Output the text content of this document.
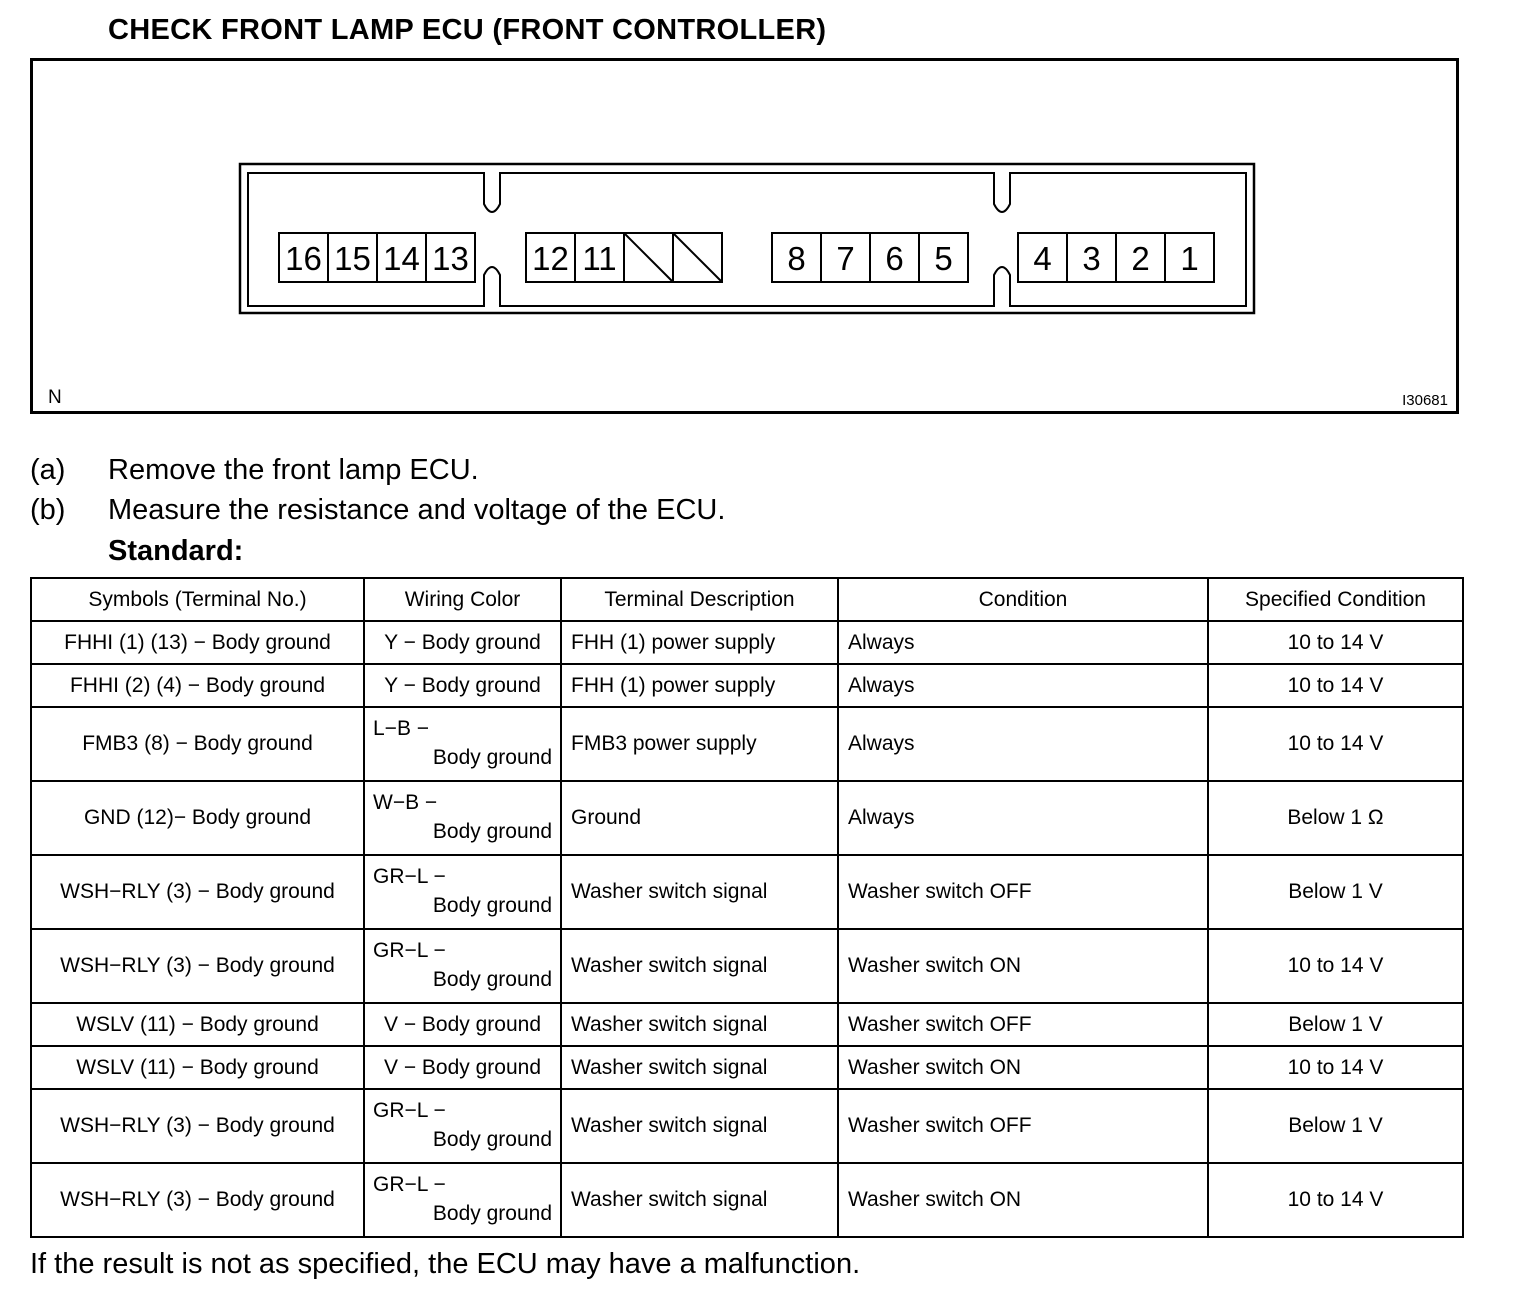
CHECK FRONT LAMP ECU (FRONT CONTROLLER)
16 15 14 13 12 11	8 7 6 5 4 3 2 1
N	I30681
(a) Remove the front lamp ECU.
(b) Measure the resistance and voltage of the ECU.
Standard:
Symbols (Terminal No.)	Wiring Color	Terminal Description	Condition	Specified Condition
FHHI (1) (13) − Body ground	Y − Body ground	FHH (1) power supply	Always	10 to 14 V
FHHI (2) (4) − Body ground	Y − Body ground	FHH (1) power supply	Always	10 to 14 V
FMB3 (8) − Body ground	L−B −
Body ground	FMB3 power supply	Always	10 to 14 V
GND (12)− Body ground	W−B −
Body ground	Ground	Always	Below 1 Ω
WSH−RLY (3) − Body ground	GR−L −
Body ground	Washer switch signal	Washer switch OFF	Below 1 V
WSH−RLY (3) − Body ground	GR−L −
Body ground	Washer switch signal	Washer switch ON	10 to 14 V
WSLV (11) − Body ground	V − Body ground	Washer switch signal	Washer switch OFF	Below 1 V
WSLV (11) − Body ground	V − Body ground	Washer switch signal	Washer switch ON	10 to 14 V
WSH−RLY (3) − Body ground	GR−L −
Body ground	Washer switch signal	Washer switch OFF	Below 1 V
WSH−RLY (3) − Body ground	GR−L −
Body ground	Washer switch signal	Washer switch ON	10 to 14 V
If the result is not as specified, the ECU may have a malfunction.
